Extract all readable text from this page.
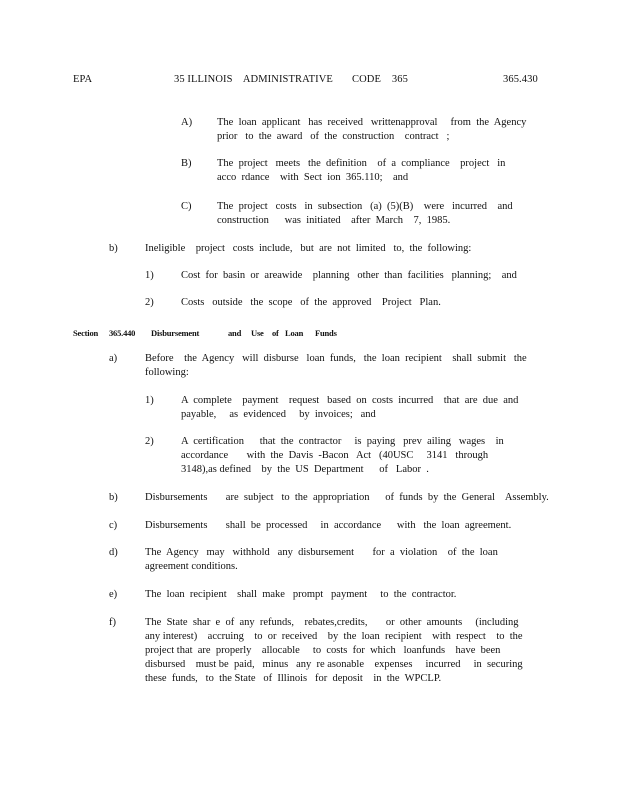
EPA	35 ILLINOIS    ADMINISTRATIVE       CODE    365	365.430
A) The  loan  applicant   has  received   writtenapproval     from  the  Agency prior   to  the  award   of  the  construction    contract   ;
B) The  project   meets   the  definition    of  a  compliance    project   in acco  rdance    with  Sect  ion  365.110;    and
C) The  project   costs   in  subsection   (a)  (5)(B)    were   incurred    and construction      was  initiated    after  March    7,  1985.
b)	Ineligible    project   costs  include,   but  are  not  limited   to,  the  following:
1)	Cost  for  basin  or  areawide    planning   other  than  facilities   planning;    and
2)	Costs   outside   the  scope   of  the  approved    Project   Plan.
Section 365.440 Disbursement	and Use of Loan Funds
a)	Before    the  Agency   will  disburse   loan  funds,   the  loan  recipient    shall  submit   the following:
1)	A  complete    payment    request   based  on  costs  incurred    that  are  due  and payable,     as  evidenced     by  invoices;   and
2)	A  certification      that  the  contractor     is  paying   prev  ailing   wages    in accordance       with  the  Davis  -Bacon   Act   (40USC     3141   through    3148),as defined    by  the  US  Department      of   Labor  .
b)	Disbursements       are  subject   to  the  appropriation      of  funds  by  the  General    Assembly.
c)	Disbursements       shall  be  processed     in  accordance      with   the  loan  agreement.
d)	The  Agency   may   withhold   any  disbursement       for  a  violation    of  the  loan  agreement conditions.
e)	The  loan  recipient    shall  make   prompt   payment     to  the  contractor.
f)	The  State  shar  e  of  any  refunds,    rebates,credits,       or  other  amounts     (including    any interest)    accruing    to  or  received    by  the  loan  recipient    with  respect    to  the  project that  are  properly    allocable     to  costs  for  which   loanfunds    have  been  disbursed    must be  paid,   minus   any  re asonable    expenses     incurred     in  securing    these  funds,   to  the State   of  Illinois   for  deposit    in  the  WPCLP.
